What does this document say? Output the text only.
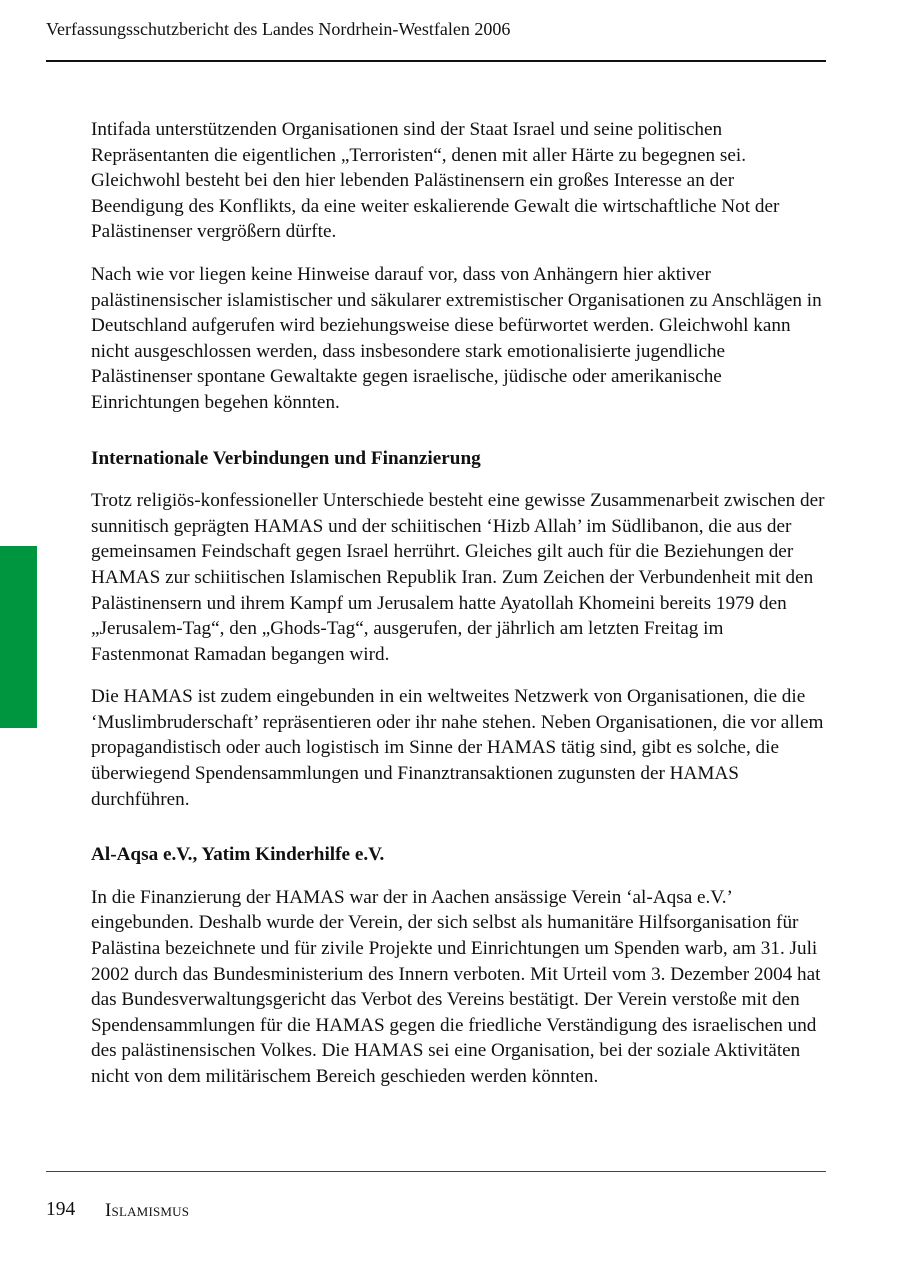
Verfassungsschutzbericht des Landes Nordrhein-Westfalen 2006

Intifada unterstützenden Organisationen sind der Staat Israel und seine politischen Repräsentanten die eigentlichen „Terroristen“, denen mit aller Härte zu begegnen sei. Gleichwohl besteht bei den hier lebenden Palästinensern ein großes Interesse an der Beendigung des Konflikts, da eine weiter eskalierende Gewalt die wirtschaftliche Not der Palästinenser vergrößern dürfte.

Nach wie vor liegen keine Hinweise darauf vor, dass von Anhängern hier aktiver palästinensischer islamistischer und säkularer extremistischer Organisationen zu Anschlägen in Deutschland aufgerufen wird beziehungsweise diese befürwortet werden. Gleichwohl kann nicht ausgeschlossen werden, dass insbesondere stark emotionalisierte jugendliche Palästinenser spontane Gewaltakte gegen israelische, jüdische oder amerikanische Einrichtungen begehen könnten.

Internationale Verbindungen und Finanzierung

Trotz religiös-konfessioneller Unterschiede besteht eine gewisse Zusammenarbeit zwischen der sunnitisch geprägten HAMAS und der schiitischen ‘Hizb Allah’ im Südlibanon, die aus der gemeinsamen Feindschaft gegen Israel herrührt. Gleiches gilt auch für die Beziehungen der HAMAS zur schiitischen Islamischen Republik Iran. Zum Zeichen der Verbundenheit mit den Palästinensern und ihrem Kampf um Jerusalem hatte Ayatollah Khomeini bereits 1979 den „Jerusalem-Tag“, den „Ghods-Tag“, ausgerufen, der jährlich am letzten Freitag im Fastenmonat Ramadan begangen wird.

Die HAMAS ist zudem eingebunden in ein weltweites Netzwerk von Organisationen, die die ‘Muslimbruderschaft’ repräsentieren oder ihr nahe stehen. Neben Organisationen, die vor allem propagandistisch oder auch logistisch im Sinne der HAMAS tätig sind, gibt es solche, die überwiegend Spendensammlungen und Finanztransaktionen zugunsten der HAMAS durchführen.

Al-Aqsa e.V., Yatim Kinderhilfe e.V.

In die Finanzierung der HAMAS war der in Aachen ansässige Verein ‘al-Aqsa e.V.’ eingebunden. Deshalb wurde der Verein, der sich selbst als humanitäre Hilfsorganisation für Palästina bezeichnete und für zivile Projekte und Einrichtungen um Spenden warb, am 31. Juli 2002 durch das Bundesministerium des Innern verboten. Mit Urteil vom 3. Dezember 2004 hat das Bundesverwaltungsgericht das Verbot des Vereins bestätigt. Der Verein verstoße mit den Spendensammlungen für die HAMAS gegen die friedliche Verständigung des israelischen und des palästinensischen Volkes. Die HAMAS sei eine Organisation, bei der soziale Aktivitäten nicht von dem militärischem Bereich geschieden werden könnten.

194 Islamismus
